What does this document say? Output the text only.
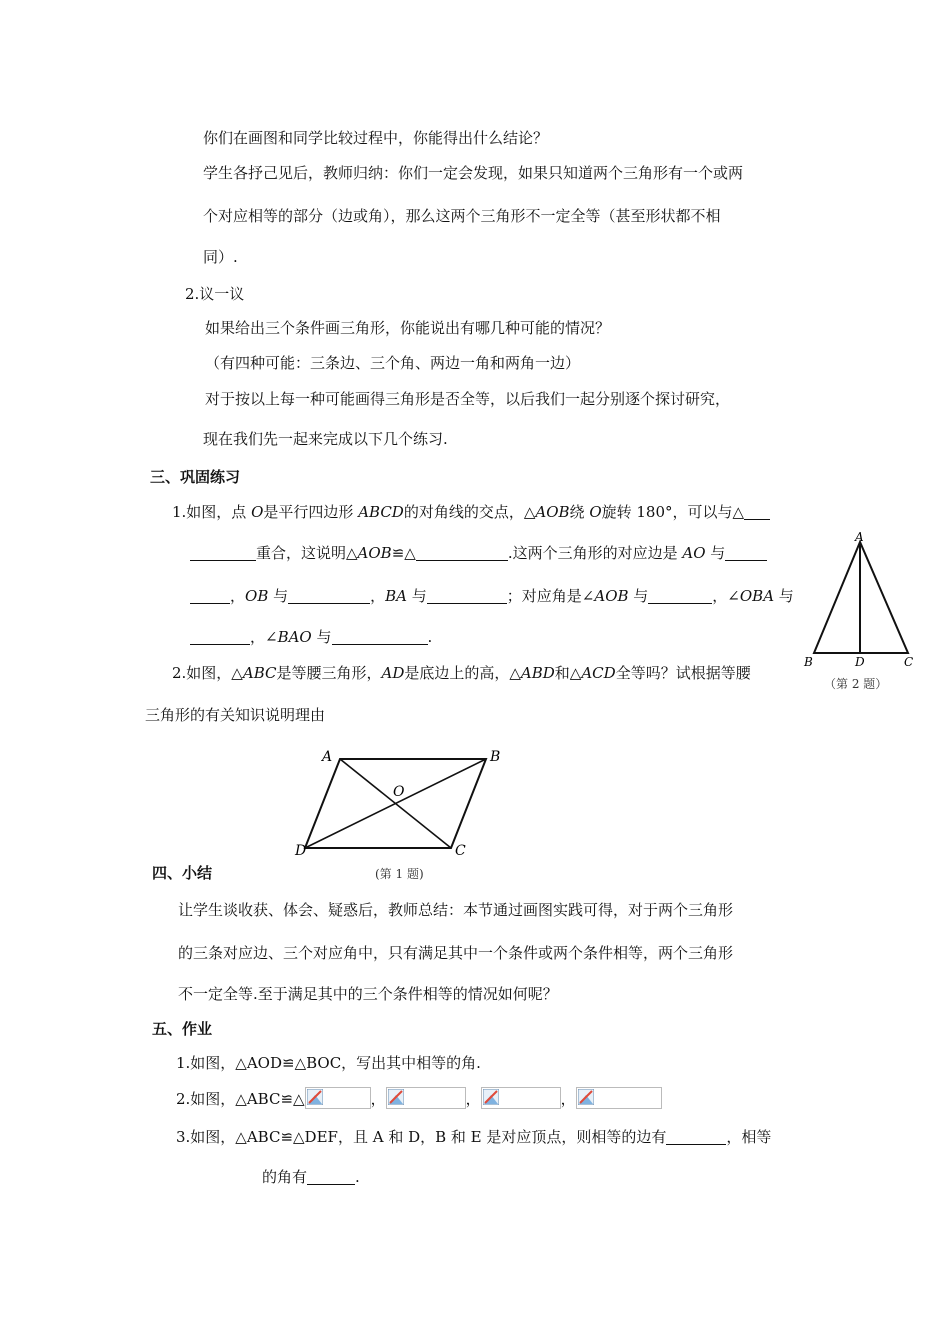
你们在画图和同学比较过程中，你能得出什么结论？
学生各抒己见后，教师归纳：你们一定会发现，如果只知道两个三角形有一个或两
个对应相等的部分（边或角），那么这两个三角形不一定全等（甚至形状都不相
同）.
2.议一议
如果给出三个条件画三角形，你能说出有哪几种可能的情况？
（有四种可能：三条边、三个角、两边一角和两角一边）
对于按以上每一种可能画得三角形是否全等，以后我们一起分别逐个探讨研究，
现在我们先一起来完成以下几个练习.
三、巩固练习
1.如图，点 O是平行四边形 ABCD的对角线的交点，△AOB绕 O旋转 180°，可以与△
重合，这说明△AOB≌△	.这两个三角形的对应边是 AO 与
，OB 与	，BA 与	；对应角是∠AOB 与	，∠OBA 与
，∠BAO 与	.
2.如图，△ABC是等腰三角形，AD是底边上的高，△ABD和△ACD全等吗？试根据等腰
三角形的有关知识说明理由
A
B	D	C
（第 2 题）
A	B
O
D	C
(第 1 题)
四、小结
让学生谈收获、体会、疑惑后，教师总结：本节通过画图实践可得，对于两个三角形
的三条对应边、三个对应角中，只有满足其中一个条件或两个条件相等，两个三角形
不一定全等.至于满足其中的三个条件相等的情况如何呢？
五、作业
1.如图，△AOD≌△BOC，写出其中相等的角.
2.如图，△ABC≌△	，	，	，
3.如图，△ABC≌△DEF，且 A 和 D，B 和 E 是对应顶点，则相等的边有	，相等
的角有	.
